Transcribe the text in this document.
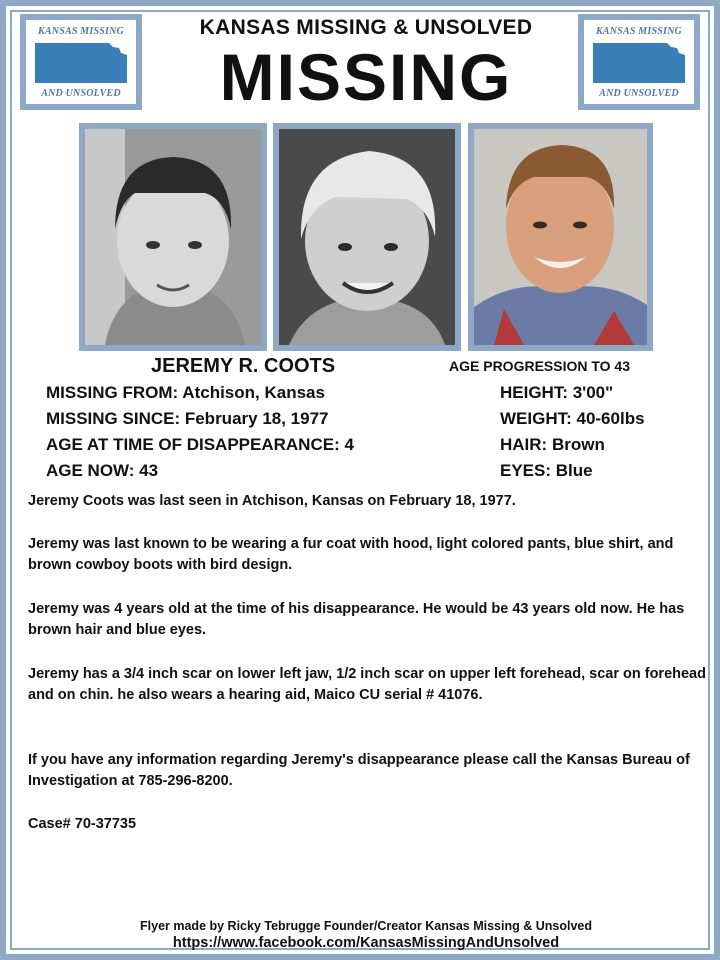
KANSAS MISSING
AND UNSOLVED
KANSAS MISSING
AND UNSOLVED
KANSAS MISSING & UNSOLVED
MISSING
JEREMY R. COOTS	AGE PROGRESSION TO 43
MISSING FROM: Atchison, Kansas
MISSING SINCE: February 18, 1977
AGE AT TIME OF DISAPPEARANCE: 4
AGE NOW: 43
HEIGHT: 3'00"
WEIGHT: 40-60lbs
HAIR: Brown
EYES: Blue

Jeremy Coots was last seen in Atchison, Kansas on February 18, 1977.

Jeremy was last known to be wearing a fur coat with hood, light colored pants, blue shirt, and brown cowboy boots with bird design.

Jeremy was 4 years old at the time of his disappearance. He would be 43 years old now. He has brown hair and blue eyes.

Jeremy has a 3/4 inch scar on lower left jaw, 1/2 inch scar on upper left forehead, scar on forehead and on chin. he also wears a hearing aid, Maico CU serial # 41076.

If you have any information regarding Jeremy's disappearance please call the Kansas Bureau of Investigation at 785-296-8200.

Case# 70-37735

Flyer made by Ricky Tebrugge Founder/Creator Kansas Missing & Unsolved
https://www.facebook.com/KansasMissingAndUnsolved
